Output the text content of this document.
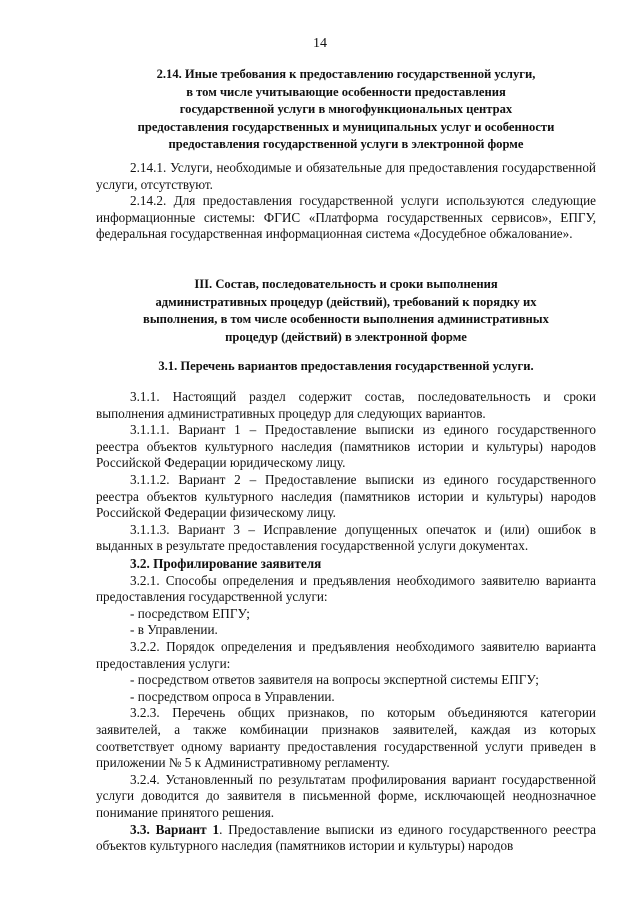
14
2.14. Иные требования к предоставлению государственной услуги,
в том числе учитывающие особенности предоставления
государственной услуги в многофункциональных центрах
предоставления государственных и муниципальных услуг и особенности
предоставления государственной услуги в электронной форме

2.14.1. Услуги, необходимые и обязательные для предоставления государственной услуги, отсутствуют.

2.14.2. Для предоставления государственной услуги используются следующие информационные системы: ФГИС «Платформа государственных сервисов», ЕПГУ, федеральная государственная информационная система «Досудебное обжалование».

III. Состав, последовательность и сроки выполнения
административных процедур (действий), требований к порядку их
выполнения, в том числе особенности выполнения административных
процедур (действий) в электронной форме
3.1. Перечень вариантов предоставления государственной услуги.

3.1.1. Настоящий раздел содержит состав, последовательность и сроки выполнения административных процедур для следующих вариантов.

3.1.1.1. Вариант 1 – Предоставление выписки из единого государственного реестра объектов культурного наследия (памятников истории и культуры) народов Российской Федерации юридическому лицу.

3.1.1.2. Вариант 2 – Предоставление выписки из единого государственного реестра объектов культурного наследия (памятников истории и культуры) народов Российской Федерации физическому лицу.

3.1.1.3. Вариант 3 – Исправление допущенных опечаток и (или) ошибок в выданных в результате предоставления государственной услуги документах.

3.2. Профилирование заявителя

3.2.1. Способы определения и предъявления необходимого заявителю варианта предоставления государственной услуги:

- посредством ЕПГУ;

- в Управлении.

3.2.2. Порядок определения и предъявления необходимого заявителю варианта предоставления услуги:

- посредством ответов заявителя на вопросы экспертной системы ЕПГУ;

- посредством опроса в Управлении.

3.2.3. Перечень общих признаков, по которым объединяются категории заявителей, а также комбинации признаков заявителей, каждая из которых соответствует одному варианту предоставления государственной услуги приведен в приложении № 5 к Административному регламенту.

3.2.4. Установленный по результатам профилирования вариант государственной услуги доводится до заявителя в письменной форме, исключающей неоднозначное понимание принятого решения.

3.3. Вариант 1. Предоставление выписки из единого государственного реестра объектов культурного наследия (памятников истории и культуры) народов
